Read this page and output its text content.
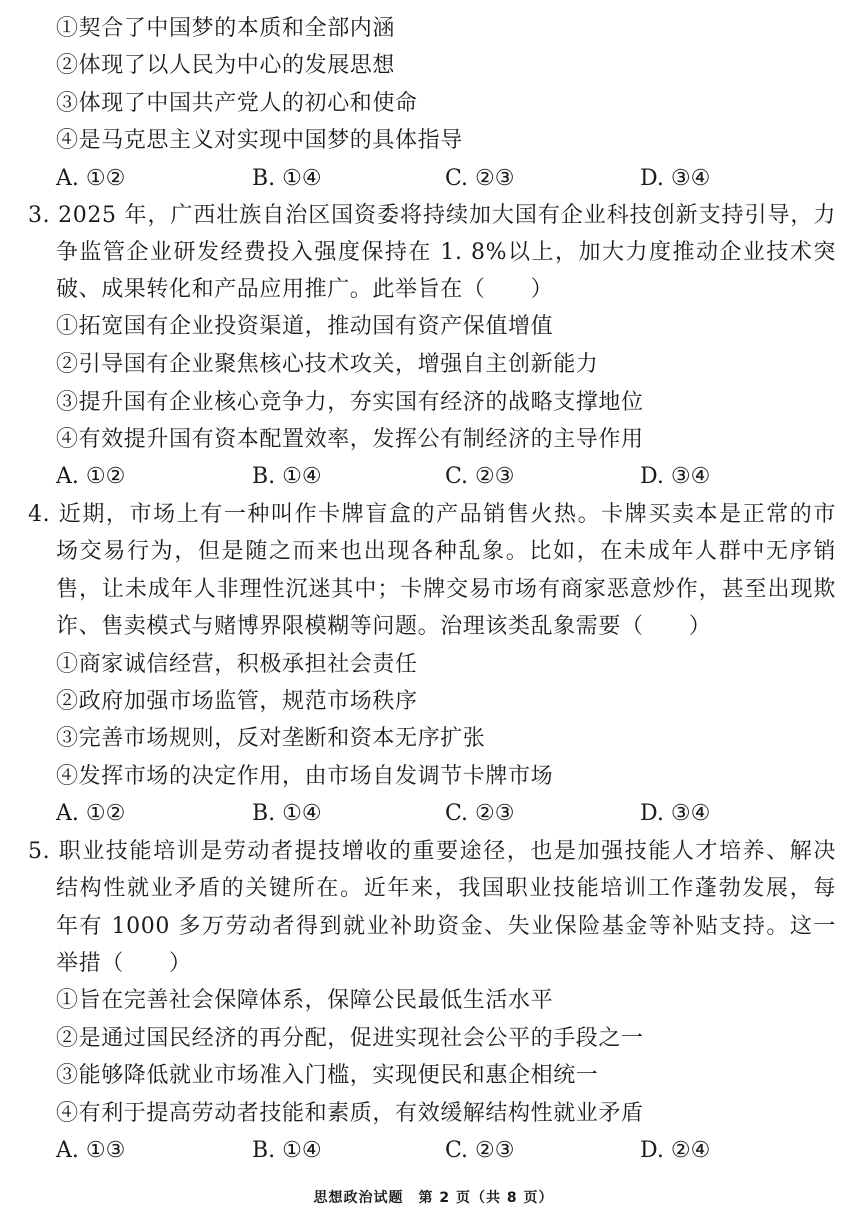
①契合了中国梦的本质和全部内涵
②体现了以人民为中心的发展思想
③体现了中国共产党人的初心和使命
④是马克思主义对实现中国梦的具体指导
A. ①②	B. ①④	C. ②③	D. ③④
3. 2025 年，广西壮族自治区国资委将持续加大国有企业科技创新支持引导，力
争监管企业研发经费投入强度保持在 1. 8%以上，加大力度推动企业技术突
破、成果转化和产品应用推广。此举旨在（　　）
①拓宽国有企业投资渠道，推动国有资产保值增值
②引导国有企业聚焦核心技术攻关，增强自主创新能力
③提升国有企业核心竞争力，夯实国有经济的战略支撑地位
④有效提升国有资本配置效率，发挥公有制经济的主导作用
A. ①②	B. ①④	C. ②③	D. ③④
4. 近期，市场上有一种叫作卡牌盲盒的产品销售火热。卡牌买卖本是正常的市
场交易行为，但是随之而来也出现各种乱象。比如，在未成年人群中无序销
售，让未成年人非理性沉迷其中；卡牌交易市场有商家恶意炒作，甚至出现欺
诈、售卖模式与赌博界限模糊等问题。治理该类乱象需要（　　）
①商家诚信经营，积极承担社会责任
②政府加强市场监管，规范市场秩序
③完善市场规则，反对垄断和资本无序扩张
④发挥市场的决定作用，由市场自发调节卡牌市场
A. ①②	B. ①④	C. ②③	D. ③④
5. 职业技能培训是劳动者提技增收的重要途径，也是加强技能人才培养、解决
结构性就业矛盾的关键所在。近年来，我国职业技能培训工作蓬勃发展，每
年有 1000 多万劳动者得到就业补助资金、失业保险基金等补贴支持。这一
举措（　　）
①旨在完善社会保障体系，保障公民最低生活水平
②是通过国民经济的再分配，促进实现社会公平的手段之一
③能够降低就业市场准入门槛，实现便民和惠企相统一
④有利于提高劳动者技能和素质，有效缓解结构性就业矛盾
A. ①③	B. ①④	C. ②③	D. ②④
思想政治试题　第 2 页（共 8 页）
